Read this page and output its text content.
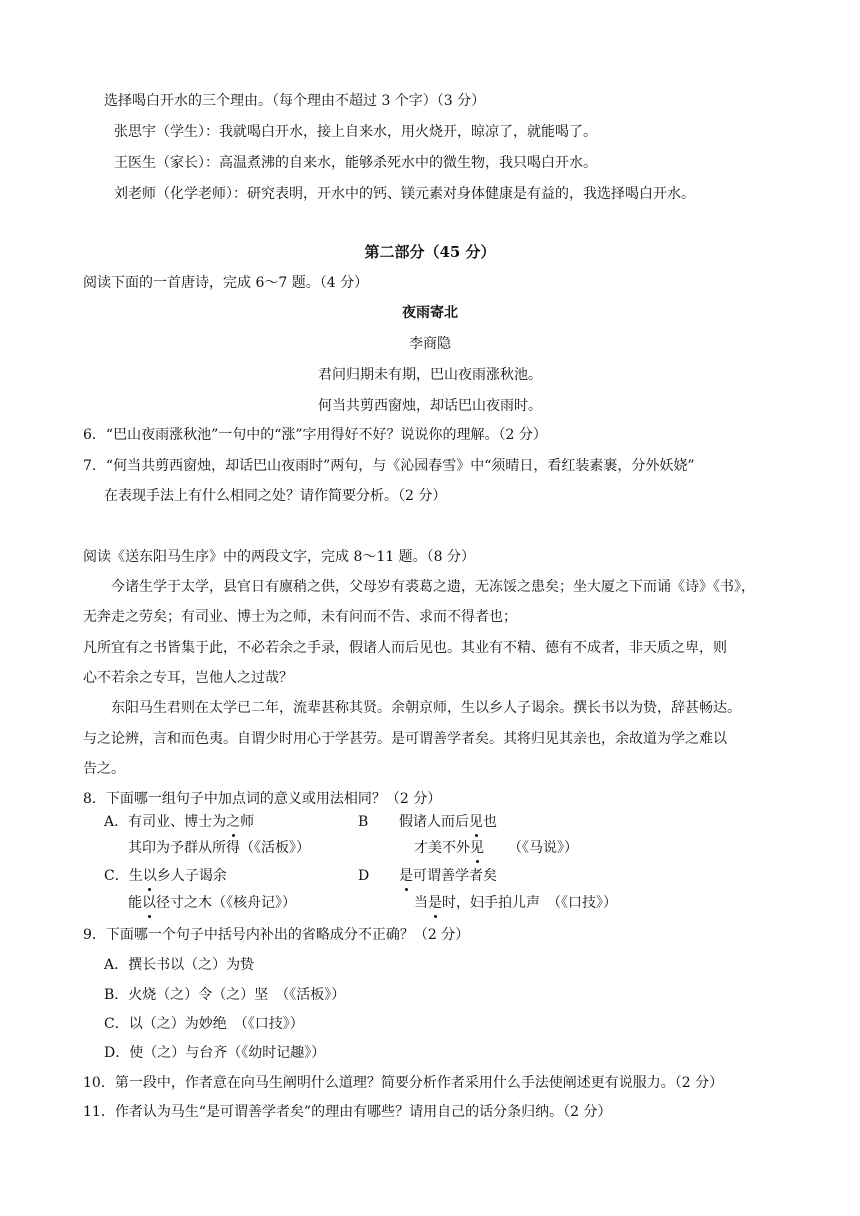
选择喝白开水的三个理由。（每个理由不超过 3 个字）（3 分）
张思宇（学生）：我就喝白开水，接上自来水，用火烧开，晾凉了，就能喝了。
王医生（家长）：高温煮沸的自来水，能够杀死水中的微生物，我只喝白开水。
刘老师（化学老师）：研究表明，开水中的钙、镁元素对身体健康是有益的，我选择喝白开水。
第二部分（45 分）
阅读下面的一首唐诗，完成 6～7 题。（4 分）
夜雨寄北
李商隐
君问归期未有期，巴山夜雨涨秋池。
何当共剪西窗烛，却话巴山夜雨时。
6．“巴山夜雨涨秋池”一句中的“涨”字用得好不好？说说你的理解。（2 分）
7．“何当共剪西窗烛，却话巴山夜雨时”两句，与《沁园春雪》中“须晴日，看红装素裹，分外妖娆”
在表现手法上有什么相同之处？请作简要分析。（2 分）
阅读《送东阳马生序》中的两段文字，完成 8～11 题。（8 分）
今诸生学于太学，县官日有廪稍之供，父母岁有裘葛之遗，无冻馁之患矣；坐大厦之下而诵《诗》《书》，
无奔走之劳矣；有司业、博士为之师，未有问而不告、求而不得者也；
凡所宜有之书皆集于此，不必若余之手录，假诸人而后见也。其业有不精、德有不成者，非天质之卑，则
心不若余之专耳，岂他人之过哉？
东阳马生君则在太学已二年，流辈甚称其贤。余朝京师，生以乡人子谒余。撰长书以为贽，辞甚畅达。
与之论辨，言和而色夷。自谓少时用心于学甚劳。是可谓善学者矣。其将归见其亲也，余故道为学之难以
告之。
8．下面哪一组句子中加点词的意义或用法相同？（2 分）
A．有司业、博士为之师	B 假诸人而后见也
其印为予群从所得（《活板》）	才美不外见 （《马说》）
C．生以乡人子谒余	D 是可谓善学者矣
能以径寸之木（《核舟记》）	当是时，妇手拍儿声　（《口技》）
9．下面哪一个句子中括号内补出的省略成分不正确？（2 分）
A．撰长书以（之）为贽
B．火烧（之）令（之）坚　（《活板》）
C．以（之）为妙绝　（《口技》）
D．使（之）与台齐（《幼时记趣》）
10．第一段中，作者意在向马生阐明什么道理？简要分析作者采用什么手法使阐述更有说服力。（2 分）
11．作者认为马生“是可谓善学者矣”的理由有哪些？请用自己的话分条归纳。（2 分）
